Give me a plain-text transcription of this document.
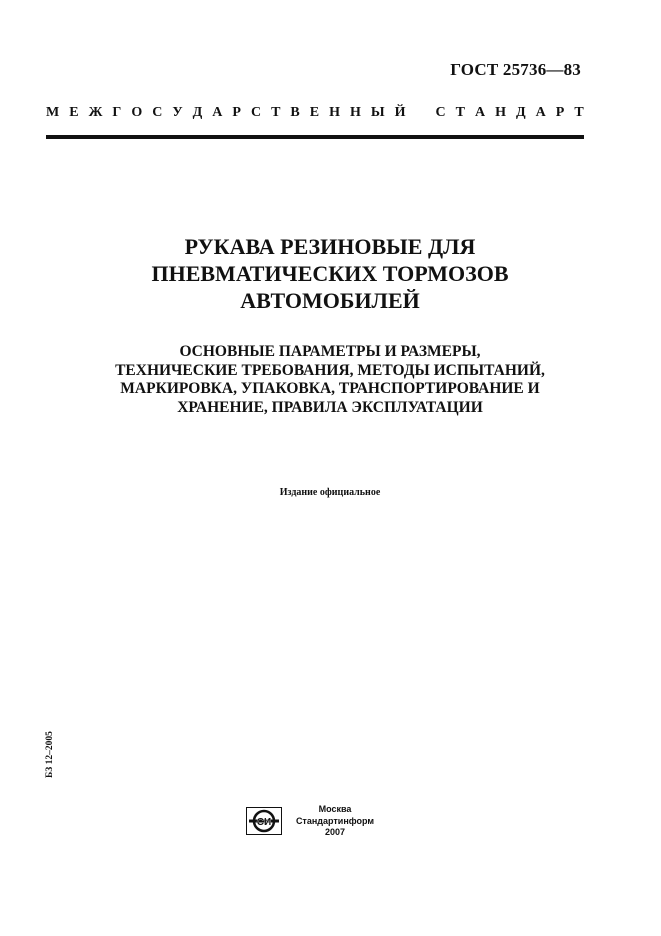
ГОСТ 25736—83
М Е Ж Г О С У Д А Р С Т В Е Н Н Ы Й С Т А Н Д А Р Т
РУКАВА РЕЗИНОВЫЕ ДЛЯ
ПНЕВМАТИЧЕСКИХ ТОРМОЗОВ
АВТОМОБИЛЕЙ
ОСНОВНЫЕ ПАРАМЕТРЫ И РАЗМЕРЫ,
ТЕХНИЧЕСКИЕ ТРЕБОВАНИЯ, МЕТОДЫ ИСПЫТАНИЙ,
МАРКИРОВКА, УПАКОВКА, ТРАНСПОРТИРОВАНИЕ И
ХРАНЕНИЕ, ПРАВИЛА ЭКСПЛУАТАЦИИ
Издание официальное
БЗ 12–2005
СИ
Москва
Стандартинформ
2007
